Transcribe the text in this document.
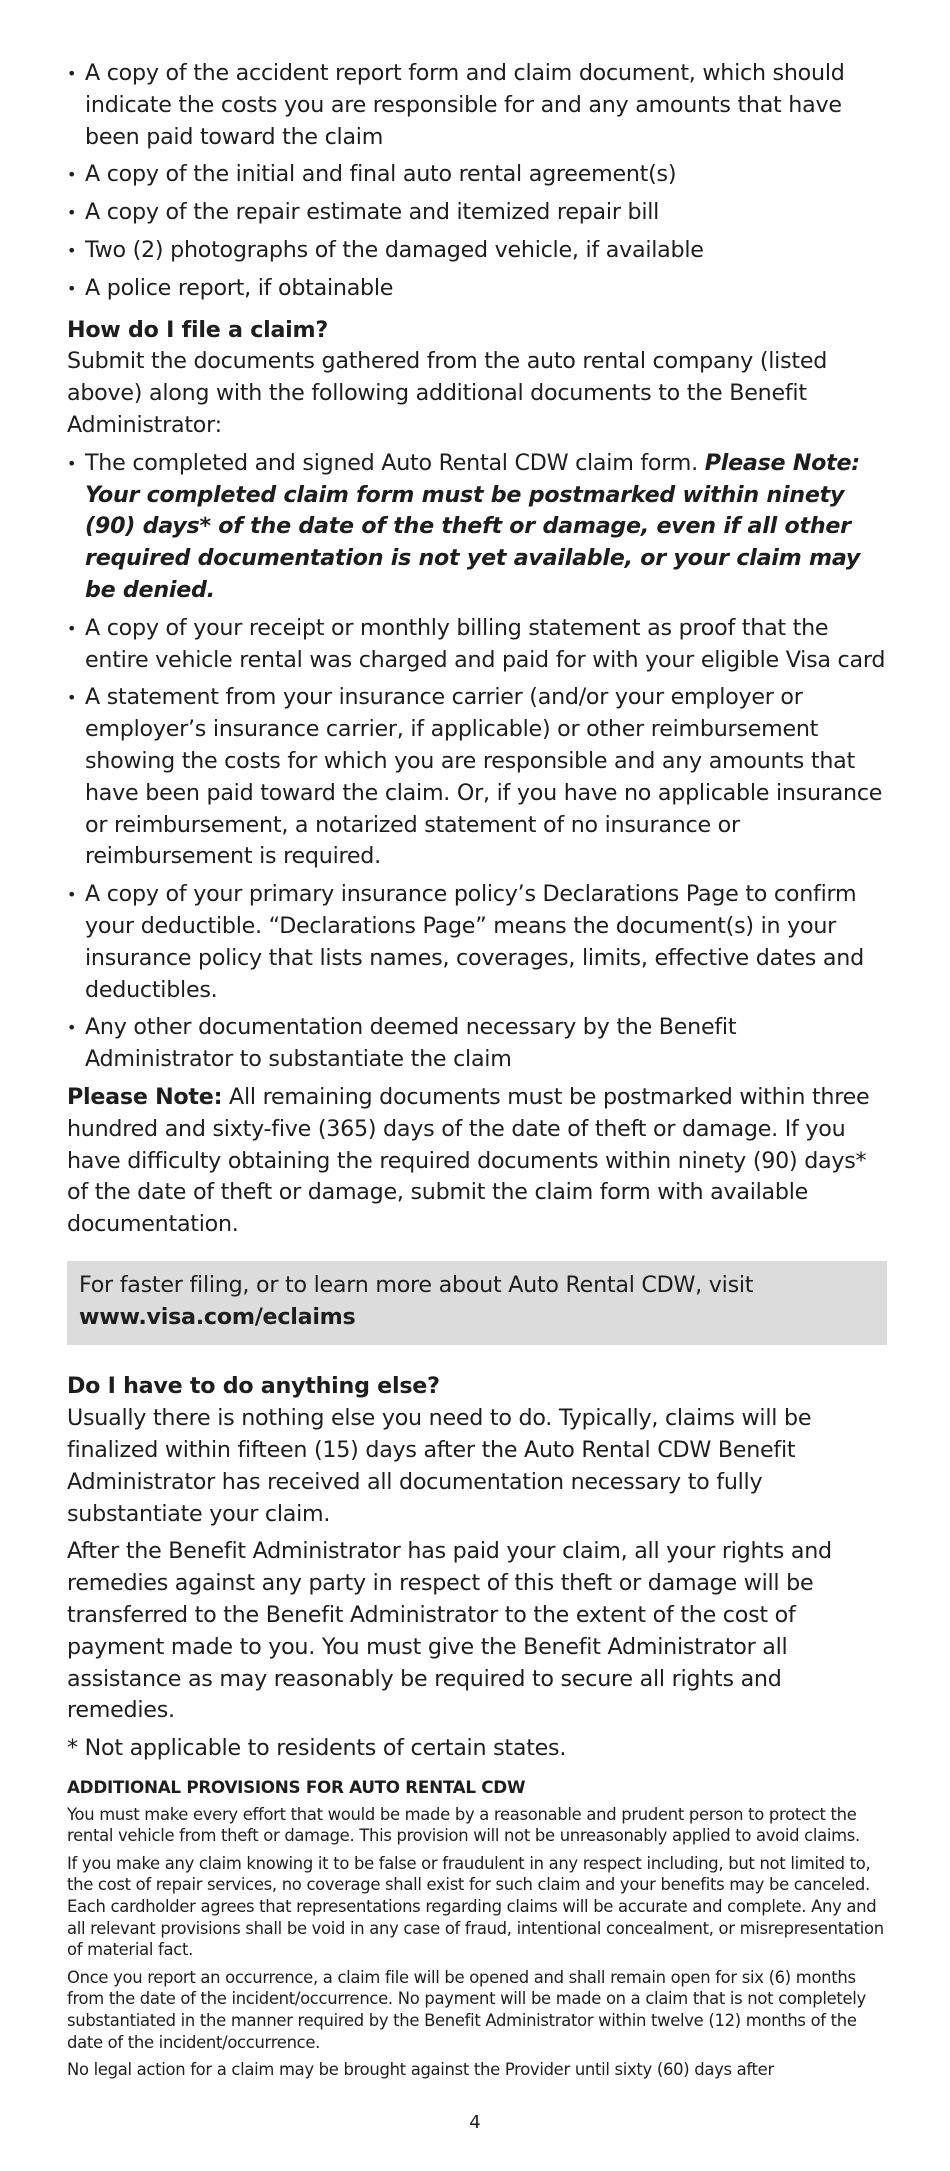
• A copy of the accident report form and claim document, which should indicate the costs you are responsible for and any amounts that have been paid toward the claim
• A copy of the initial and final auto rental agreement(s)
• A copy of the repair estimate and itemized repair bill
• Two (2) photographs of the damaged vehicle, if available
• A police report, if obtainable
How do I file a claim?

Submit the documents gathered from the auto rental company (listed above) along with the following additional documents to the Benefit Administrator:

• The completed and signed Auto Rental CDW claim form. Please Note: Your completed claim form must be postmarked within ninety (90) days* of the date of the theft or damage, even if all other required documentation is not yet available, or your claim may be denied.
• A copy of your receipt or monthly billing statement as proof that the entire vehicle rental was charged and paid for with your eligible Visa card
• A statement from your insurance carrier (and/or your employer or employer’s insurance carrier, if applicable) or other reimbursement showing the costs for which you are responsible and any amounts that have been paid toward the claim. Or, if you have no applicable insurance or reimbursement, a notarized statement of no insurance or reimbursement is required.
• A copy of your primary insurance policy’s Declarations Page to confirm your deductible. “Declarations Page” means the document(s) in your insurance policy that lists names, coverages, limits, effective dates and deductibles.
• Any other documentation deemed necessary by the Benefit Administrator to substantiate the claim

Please Note: All remaining documents must be postmarked within three hundred and sixty-five (365) days of the date of theft or damage. If you have difficulty obtaining the required documents within ninety (90) days* of the date of theft or damage, submit the claim form with available documentation.

For faster filing, or to learn more about Auto Rental CDW, visit
www.visa.com/eclaims
Do I have to do anything else?

Usually there is nothing else you need to do. Typically, claims will be finalized within fifteen (15) days after the Auto Rental CDW Benefit Administrator has received all documentation necessary to fully substantiate your claim.

After the Benefit Administrator has paid your claim, all your rights and remedies against any party in respect of this theft or damage will be transferred to the Benefit Administrator to the extent of the cost of payment made to you. You must give the Benefit Administrator all assistance as may reasonably be required to secure all rights and remedies.

* Not applicable to residents of certain states.

ADDITIONAL PROVISIONS FOR AUTO RENTAL CDW

You must make every effort that would be made by a reasonable and prudent person to protect the rental vehicle from theft or damage. This provision will not be unreasonably applied to avoid claims.

If you make any claim knowing it to be false or fraudulent in any respect including, but not limited to, the cost of repair services, no coverage shall exist for such claim and your benefits may be canceled. Each cardholder agrees that representations regarding claims will be accurate and complete. Any and all relevant provisions shall be void in any case of fraud, intentional concealment, or misrepresentation of material fact.

Once you report an occurrence, a claim file will be opened and shall remain open for six (6) months from the date of the incident/occurrence. No payment will be made on a claim that is not completely substantiated in the manner required by the Benefit Administrator within twelve (12) months of the date of the incident/occurrence.

No legal action for a claim may be brought against the Provider until sixty (60) days after

4
